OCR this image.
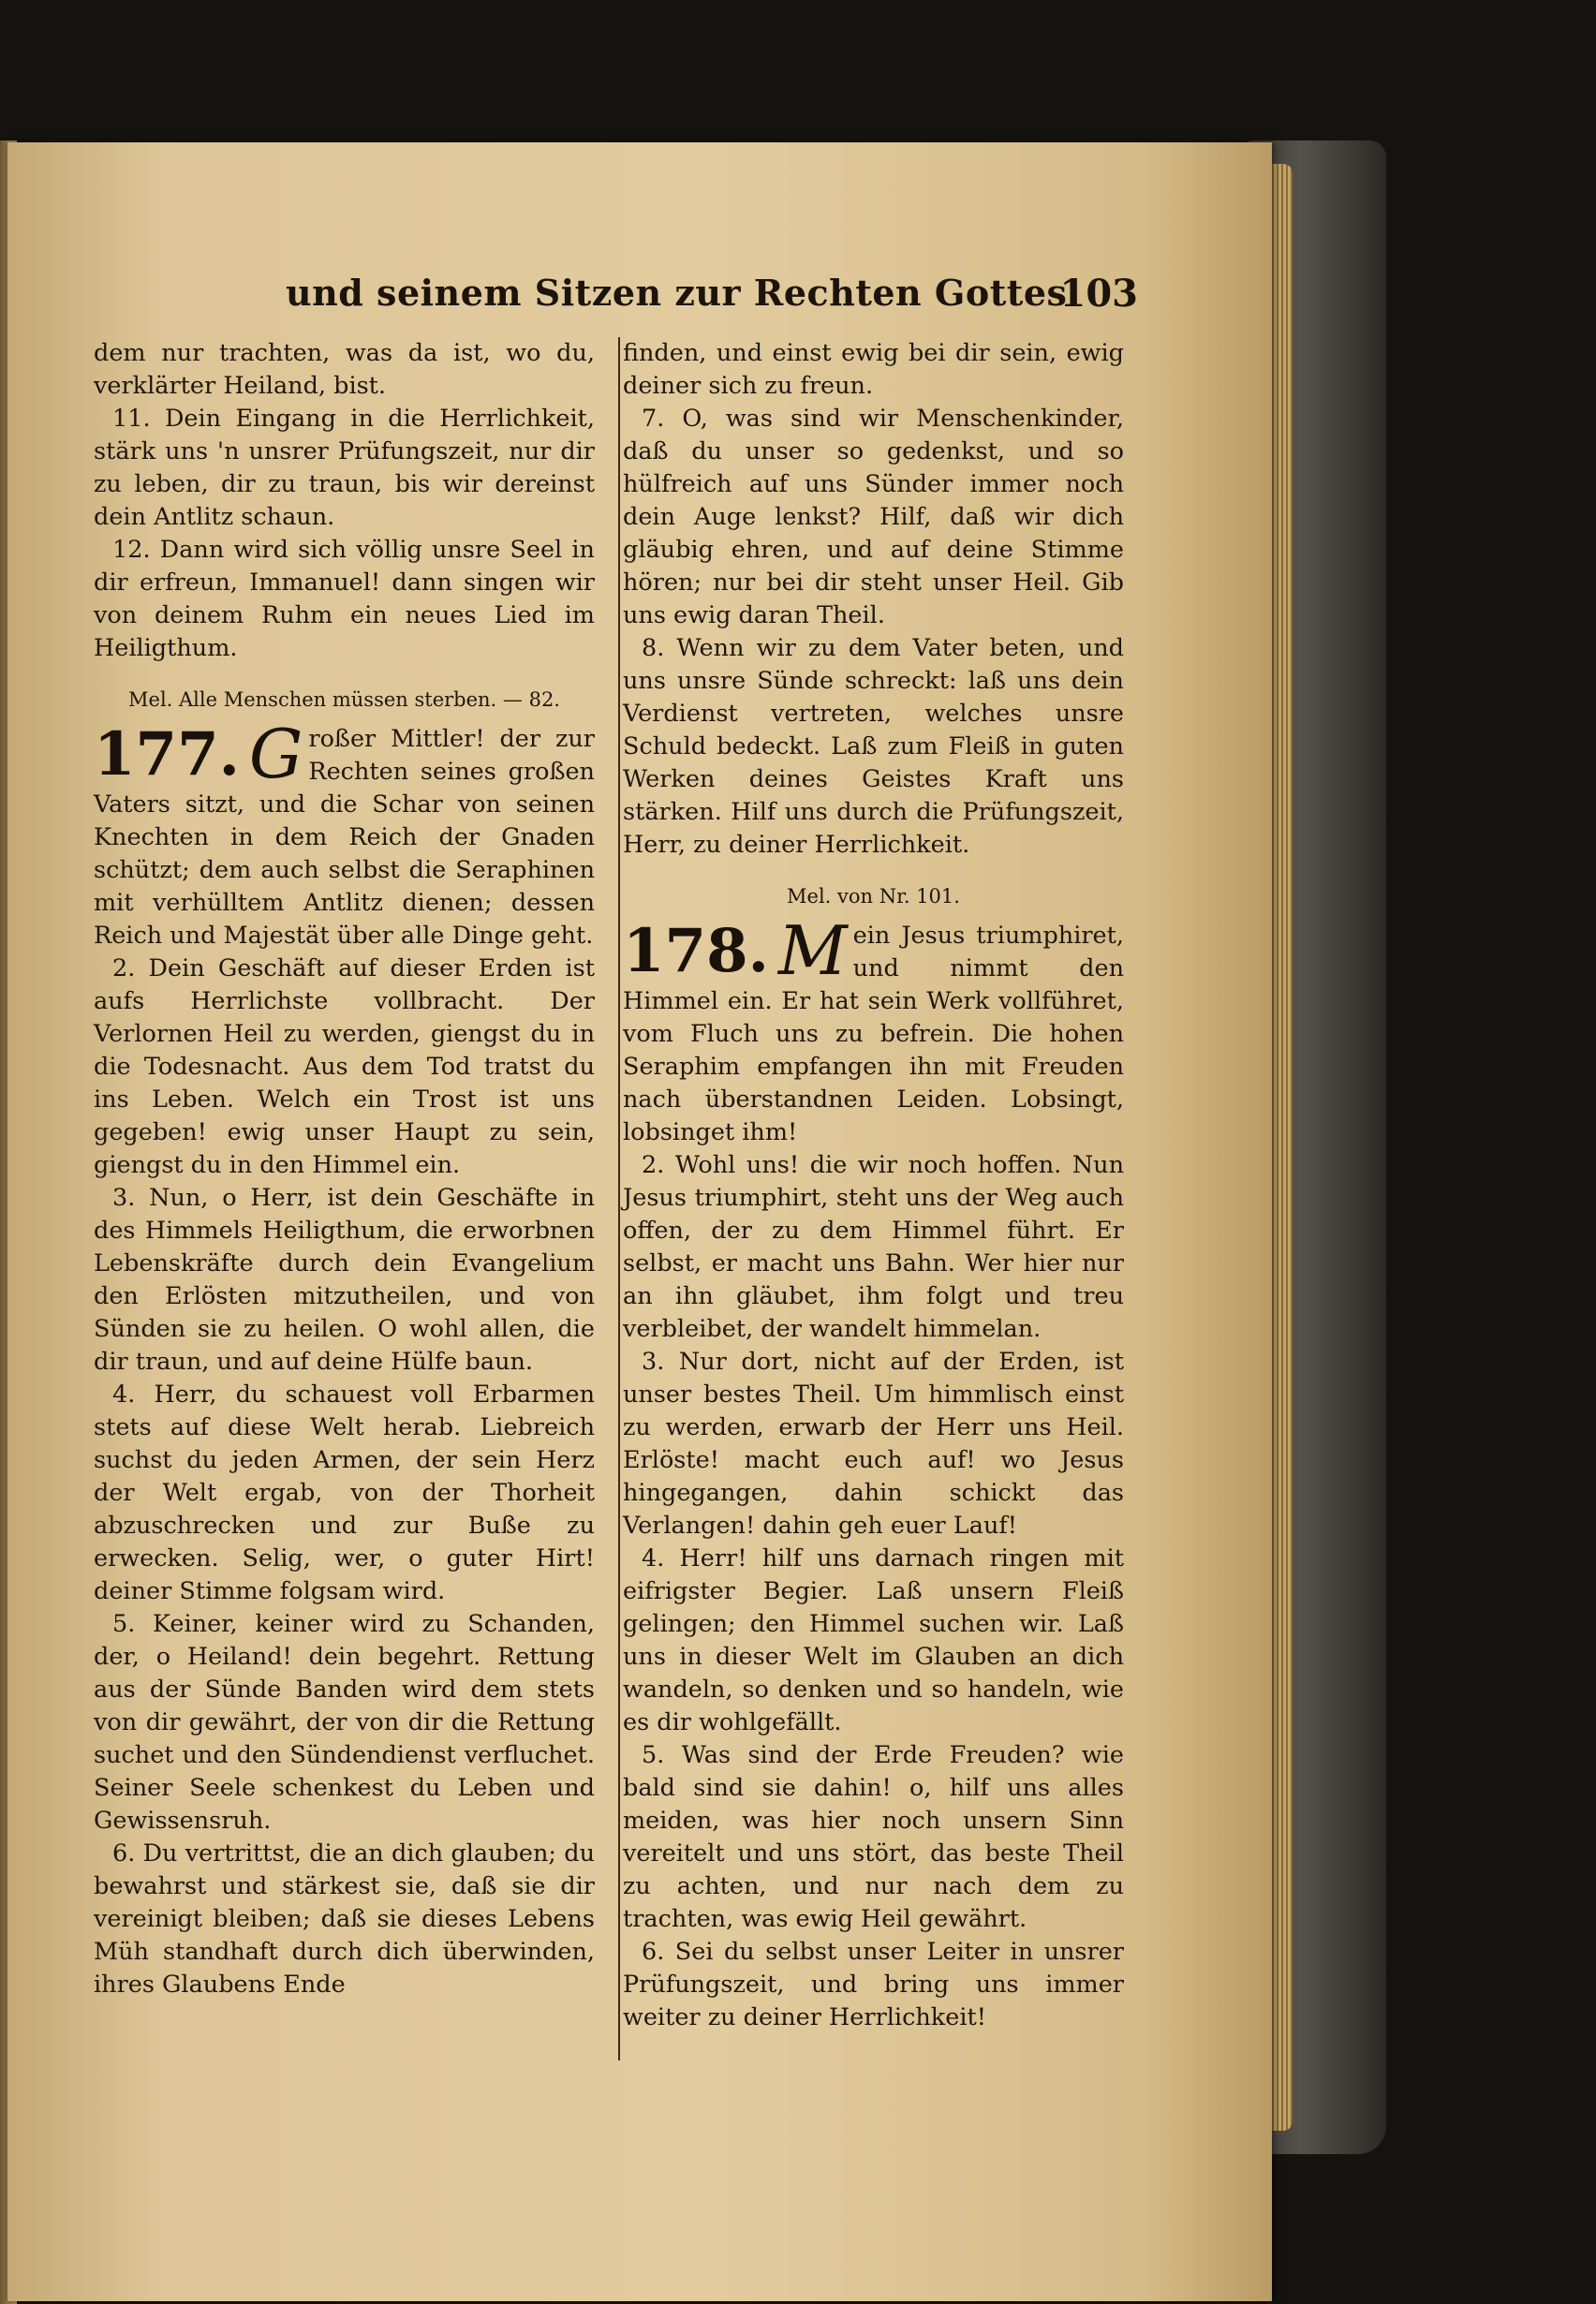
und seinem Sitzen zur Rechten Gottes.
103

dem nur trachten, was da ist, wo du, verklärter Heiland, bist.

11. Dein Eingang in die Herrlichkeit, stärk uns 'n unsrer Prüfungszeit, nur dir zu leben, dir zu traun, bis wir dereinst dein Antlitz schaun.

12. Dann wird sich völlig unsre Seel in dir erfreun, Immanuel! dann singen wir von deinem Ruhm ein neues Lied im Heiligthum.

Mel. Alle Menschen müssen sterben. — 82.

177. G roßer Mittler! der zur Rechten seines großen Vaters sitzt, und die Schar von seinen Knechten in dem Reich der Gnaden schützt; dem auch selbst die Seraphinen mit verhülltem Antlitz dienen; dessen Reich und Majestät über alle Dinge geht.

2. Dein Geschäft auf dieser Erden ist aufs Herrlichste vollbracht. Der Verlornen Heil zu werden, giengst du in die Todesnacht. Aus dem Tod tratst du ins Leben. Welch ein Trost ist uns gegeben! ewig unser Haupt zu sein, giengst du in den Himmel ein.

3. Nun, o Herr, ist dein Geschäfte in des Himmels Heiligthum, die erworbnen Lebenskräfte durch dein Evangelium den Erlösten mitzutheilen, und von Sünden sie zu heilen. O wohl allen, die dir traun, und auf deine Hülfe baun.

4. Herr, du schauest voll Erbarmen stets auf diese Welt herab. Liebreich suchst du jeden Armen, der sein Herz der Welt ergab, von der Thorheit abzuschrecken und zur Buße zu erwecken. Selig, wer, o guter Hirt! deiner Stimme folgsam wird.

5. Keiner, keiner wird zu Schanden, der, o Heiland! dein begehrt. Rettung aus der Sünde Banden wird dem stets von dir gewährt, der von dir die Rettung suchet und den Sündendienst verfluchet. Seiner Seele schenkest du Leben und Gewissensruh.

6. Du vertrittst, die an dich glauben; du bewahrst und stärkest sie, daß sie dir vereinigt bleiben; daß sie dieses Lebens Müh standhaft durch dich überwinden, ihres Glaubens Ende

finden, und einst ewig bei dir sein, ewig deiner sich zu freun.

7. O, was sind wir Menschenkinder, daß du unser so gedenkst, und so hülfreich auf uns Sünder immer noch dein Auge lenkst? Hilf, daß wir dich gläubig ehren, und auf deine Stimme hören; nur bei dir steht unser Heil. Gib uns ewig daran Theil.

8. Wenn wir zu dem Vater beten, und uns unsre Sünde schreckt: laß uns dein Verdienst vertreten, welches unsre Schuld bedeckt. Laß zum Fleiß in guten Werken deines Geistes Kraft uns stärken. Hilf uns durch die Prüfungszeit, Herr, zu deiner Herrlichkeit.

Mel. von Nr. 101.

178. M ein Jesus triumphiret, und nimmt den Himmel ein. Er hat sein Werk vollführet, vom Fluch uns zu befrein. Die hohen Seraphim empfangen ihn mit Freuden nach überstandnen Leiden. Lobsingt, lobsinget ihm!

2. Wohl uns! die wir noch hoffen. Nun Jesus triumphirt, steht uns der Weg auch offen, der zu dem Himmel führt. Er selbst, er macht uns Bahn. Wer hier nur an ihn gläubet, ihm folgt und treu verbleibet, der wandelt himmelan.

3. Nur dort, nicht auf der Erden, ist unser bestes Theil. Um himmlisch einst zu werden, erwarb der Herr uns Heil. Erlöste! macht euch auf! wo Jesus hingegangen, dahin schickt das Verlangen! dahin geh euer Lauf!

4. Herr! hilf uns darnach ringen mit eifrigster Begier. Laß unsern Fleiß gelingen; den Himmel suchen wir. Laß uns in dieser Welt im Glauben an dich wandeln, so denken und so handeln, wie es dir wohlgefällt.

5. Was sind der Erde Freuden? wie bald sind sie dahin! o, hilf uns alles meiden, was hier noch unsern Sinn vereitelt und uns stört, das beste Theil zu achten, und nur nach dem zu trachten, was ewig Heil gewährt.

6. Sei du selbst unser Leiter in unsrer Prüfungszeit, und bring uns immer weiter zu deiner Herrlichkeit!
